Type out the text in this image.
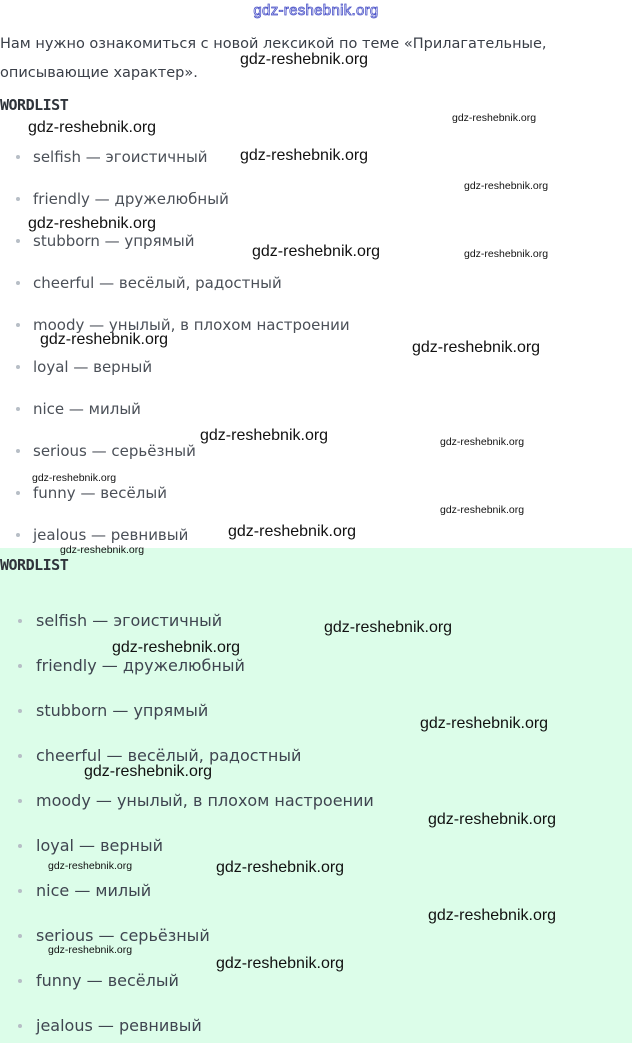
gdz-reshebnik.org
Нам нужно ознакомиться с новой лексикой по теме «Прилагательные,
описывающие характер».
WORDLIST
selfish — эгоистичный
friendly — дружелюбный
stubborn — упрямый
cheerful — весёлый, радостный
moody — унылый, в плохом настроении
loyal — верный
nice — милый
serious — серьёзный
funny — весёлый
jealous — ревнивый
WORDLIST
selfish — эгоистичный
friendly — дружелюбный
stubborn — упрямый
cheerful — весёлый, радостный
moody — унылый, в плохом настроении
loyal — верный
nice — милый
serious — серьёзный
funny — весёлый
jealous — ревнивый
gdz-reshebnik.org
gdz-reshebnik.org
gdz-reshebnik.org
gdz-reshebnik.org
gdz-reshebnik.org
gdz-reshebnik.org
gdz-reshebnik.org	gdz-reshebnik.org
gdz-reshebnik.org	gdz-reshebnik.org
gdz-reshebnik.org	gdz-reshebnik.org
gdz-reshebnik.org
gdz-reshebnik.org
gdz-reshebnik.org
gdz-reshebnik.org
gdz-reshebnik.org
gdz-reshebnik.org
gdz-reshebnik.org
gdz-reshebnik.org
gdz-reshebnik.org
gdz-reshebnik.org	gdz-reshebnik.org
gdz-reshebnik.org
gdz-reshebnik.org
gdz-reshebnik.org
